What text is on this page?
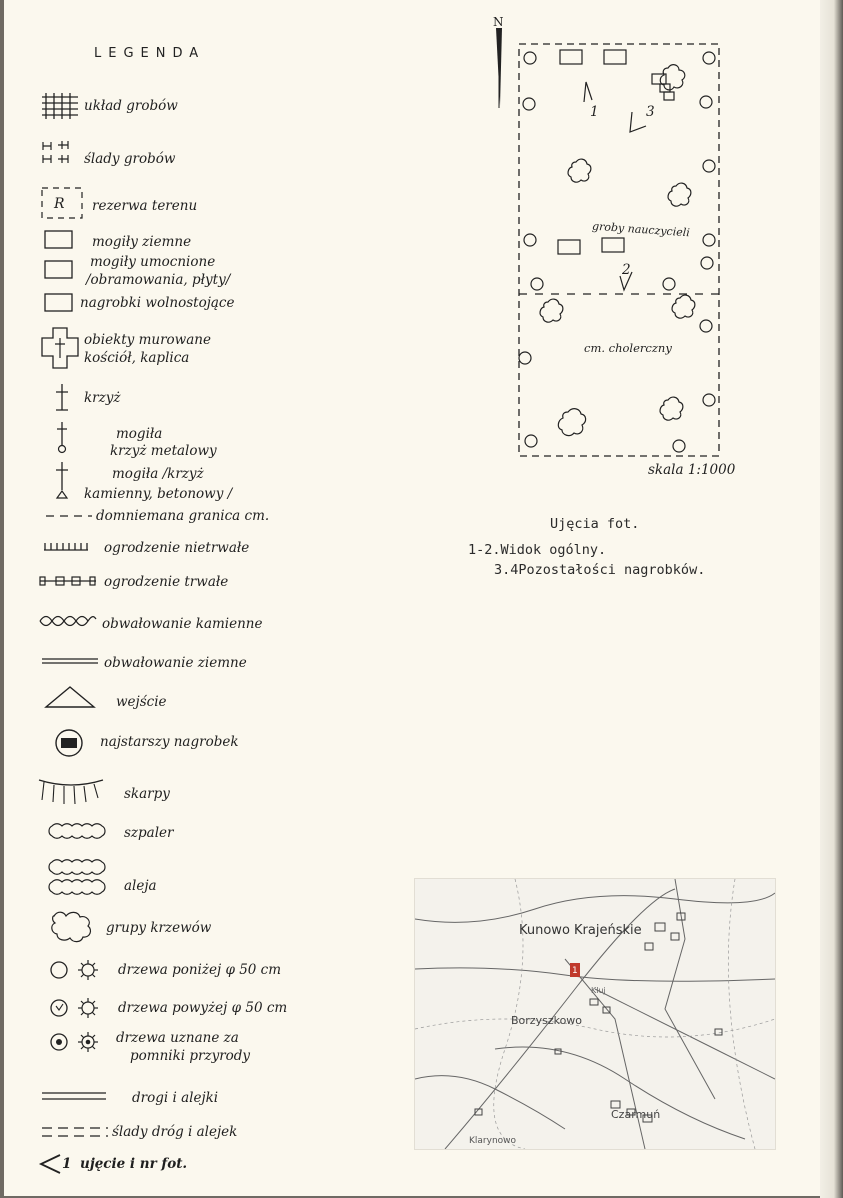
LEGENDA
układ grobów
ślady grobów
R rezerwa terenu
mogiły ziemne
mogiły umocnione
/obramowania, płyty/
nagrobki wolnostojące
obiekty murowane
kościół, kaplica
krzyż
mogiła
krzyż metalowy
mogiła /krzyż
kamienny, betonowy /
domniemana granica cm.
ogrodzenie nietrwałe
ogrodzenie trwałe
obwałowanie kamienne
obwałowanie ziemne
wejście
najstarszy nagrobek
skarpy
szpaler
aleja
grupy krzewów
drzewa poniżej φ 50 cm
drzewa powyżej φ 50 cm
drzewa uznane za
pomniki przyrody
drogi i alejki
ślady dróg i alejek
1 ujęcie i nr fot.
N
1
2
3
groby nauczycieli
cm. cholerczny
skala 1:1000
Ujęcia fot.
1-2.Widok ogólny.
3.4Pozostałości nagrobków.
Kunowo Krajeńskie
Borzyszkowo
Czarmuń
Klarynowo
Kluj
1
